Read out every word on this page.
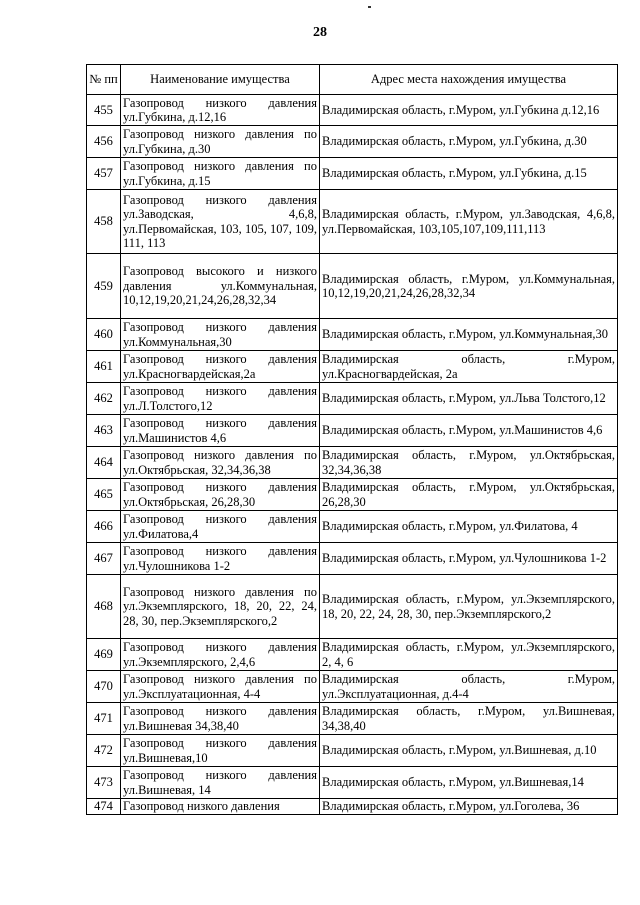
28
№ пп	Наименование имущества	Адрес места нахождения имущества
455	Газопровод низкого давления ул.Губкина, д.12,16	Владимирская область, г.Муром, ул.Губкина д.12,16
456	Газопровод низкого давления по ул.Губкина, д.30	Владимирская область, г.Муром, ул.Губкина, д.30
457	Газопровод низкого давления по ул.Губкина, д.15	Владимирская область, г.Муром, ул.Губкина, д.15
458	Газопровод низкого давления ул.Заводская, 4,6,8, ул.Первомайская, 103, 105, 107, 109, 111, 113	Владимирская область, г.Муром, ул.Заводская, 4,6,8, ул.Первомайская, 103,105,107,109,111,113
459	Газопровод высокого и низкого давления ул.Коммунальная, 10,12,19,20,21,24,26,28,32,34	Владимирская область, г.Муром, ул.Коммунальная, 10,12,19,20,21,24,26,28,32,34
460	Газопровод низкого давления ул.Коммунальная,30	Владимирская область, г.Муром, ул.Коммунальная,30
461	Газопровод низкого давления ул.Красногвардейская,2а	Владимирская область, г.Муром, ул.Красногвардейская, 2а
462	Газопровод низкого давления ул.Л.Толстого,12	Владимирская область, г.Муром, ул.Льва Толстого,12
463	Газопровод низкого давления ул.Машинистов 4,6	Владимирская область, г.Муром, ул.Машинистов 4,6
464	Газопровод низкого давления по ул.Октябрьская, 32,34,36,38	Владимирская область, г.Муром, ул.Октябрьская, 32,34,36,38
465	Газопровод низкого давления ул.Октябрьская, 26,28,30	Владимирская область, г.Муром, ул.Октябрьская, 26,28,30
466	Газопровод низкого давления ул.Филатова,4	Владимирская область, г.Муром, ул.Филатова, 4
467	Газопровод низкого давления ул.Чулошникова 1-2	Владимирская область, г.Муром, ул.Чулошникова 1-2
468	Газопровод низкого давления по ул.Экземплярского, 18, 20, 22, 24, 28, 30, пер.Экземплярского,2	Владимирская область, г.Муром, ул.Экземплярского, 18, 20, 22, 24, 28, 30, пер.Экземплярского,2
469	Газопровод низкого давления ул.Экземплярского, 2,4,6	Владимирская область, г.Муром, ул.Экземплярского, 2, 4, 6
470	Газопровод низкого давления по ул.Эксплуатационная, 4-4	Владимирская область, г.Муром, ул.Эксплуатационная, д.4-4
471	Газопровод низкого давления ул.Вишневая 34,38,40	Владимирская область, г.Муром, ул.Вишневая, 34,38,40
472	Газопровод низкого давления ул.Вишневая,10	Владимирская область, г.Муром, ул.Вишневая, д.10
473	Газопровод низкого давления ул.Вишневая, 14	Владимирская область, г.Муром, ул.Вишневая,14
474	Газопровод низкого давления	Владимирская область, г.Муром, ул.Гоголева, 36
